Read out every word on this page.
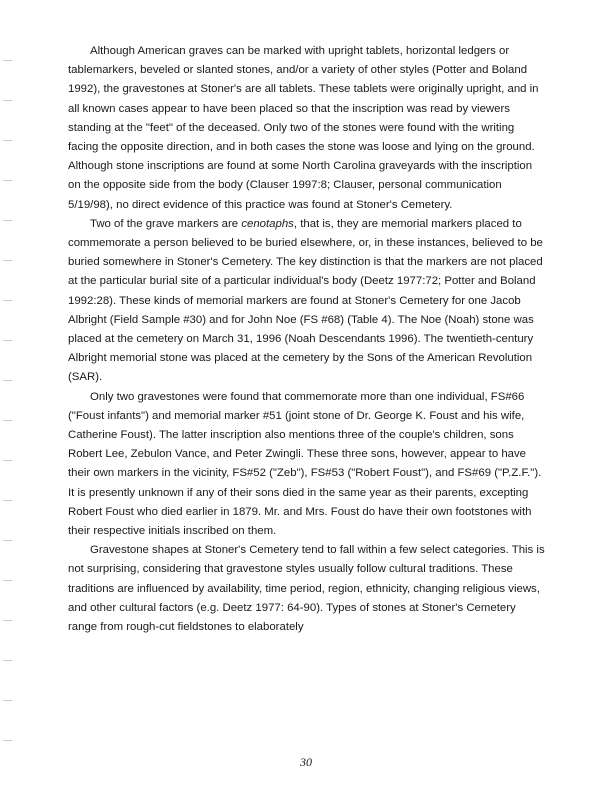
Although American graves can be marked with upright tablets, horizontal ledgers or tablemarkers, beveled or slanted stones, and/or a variety of other styles (Potter and Boland 1992), the gravestones at Stoner's are all tablets. These tablets were originally upright, and in all known cases appear to have been placed so that the inscription was read by viewers standing at the "feet" of the deceased. Only two of the stones were found with the writing facing the opposite direction, and in both cases the stone was loose and lying on the ground. Although stone inscriptions are found at some North Carolina graveyards with the inscription on the opposite side from the body (Clauser 1997:8; Clauser, personal communication 5/19/98), no direct evidence of this practice was found at Stoner's Cemetery.

Two of the grave markers are cenotaphs, that is, they are memorial markers placed to commemorate a person believed to be buried elsewhere, or, in these instances, believed to be buried somewhere in Stoner's Cemetery. The key distinction is that the markers are not placed at the particular burial site of a particular individual's body (Deetz 1977:72; Potter and Boland 1992:28). These kinds of memorial markers are found at Stoner's Cemetery for one Jacob Albright (Field Sample #30) and for John Noe (FS #68) (Table 4). The Noe (Noah) stone was placed at the cemetery on March 31, 1996 (Noah Descendants 1996). The twentieth-century Albright memorial stone was placed at the cemetery by the Sons of the American Revolution (SAR).

Only two gravestones were found that commemorate more than one individual, FS#66 ("Foust infants") and memorial marker #51 (joint stone of Dr. George K. Foust and his wife, Catherine Foust). The latter inscription also mentions three of the couple's children, sons Robert Lee, Zebulon Vance, and Peter Zwingli. These three sons, however, appear to have their own markers in the vicinity, FS#52 ("Zeb"), FS#53 ("Robert Foust"), and FS#69 ("P.Z.F."). It is presently unknown if any of their sons died in the same year as their parents, excepting Robert Foust who died earlier in 1879. Mr. and Mrs. Foust do have their own footstones with their respective initials inscribed on them.

Gravestone shapes at Stoner's Cemetery tend to fall within a few select categories. This is not surprising, considering that gravestone styles usually follow cultural traditions. These traditions are influenced by availability, time period, region, ethnicity, changing religious views, and other cultural factors (e.g. Deetz 1977: 64-90). Types of stones at Stoner's Cemetery range from rough-cut fieldstones to elaborately

30
